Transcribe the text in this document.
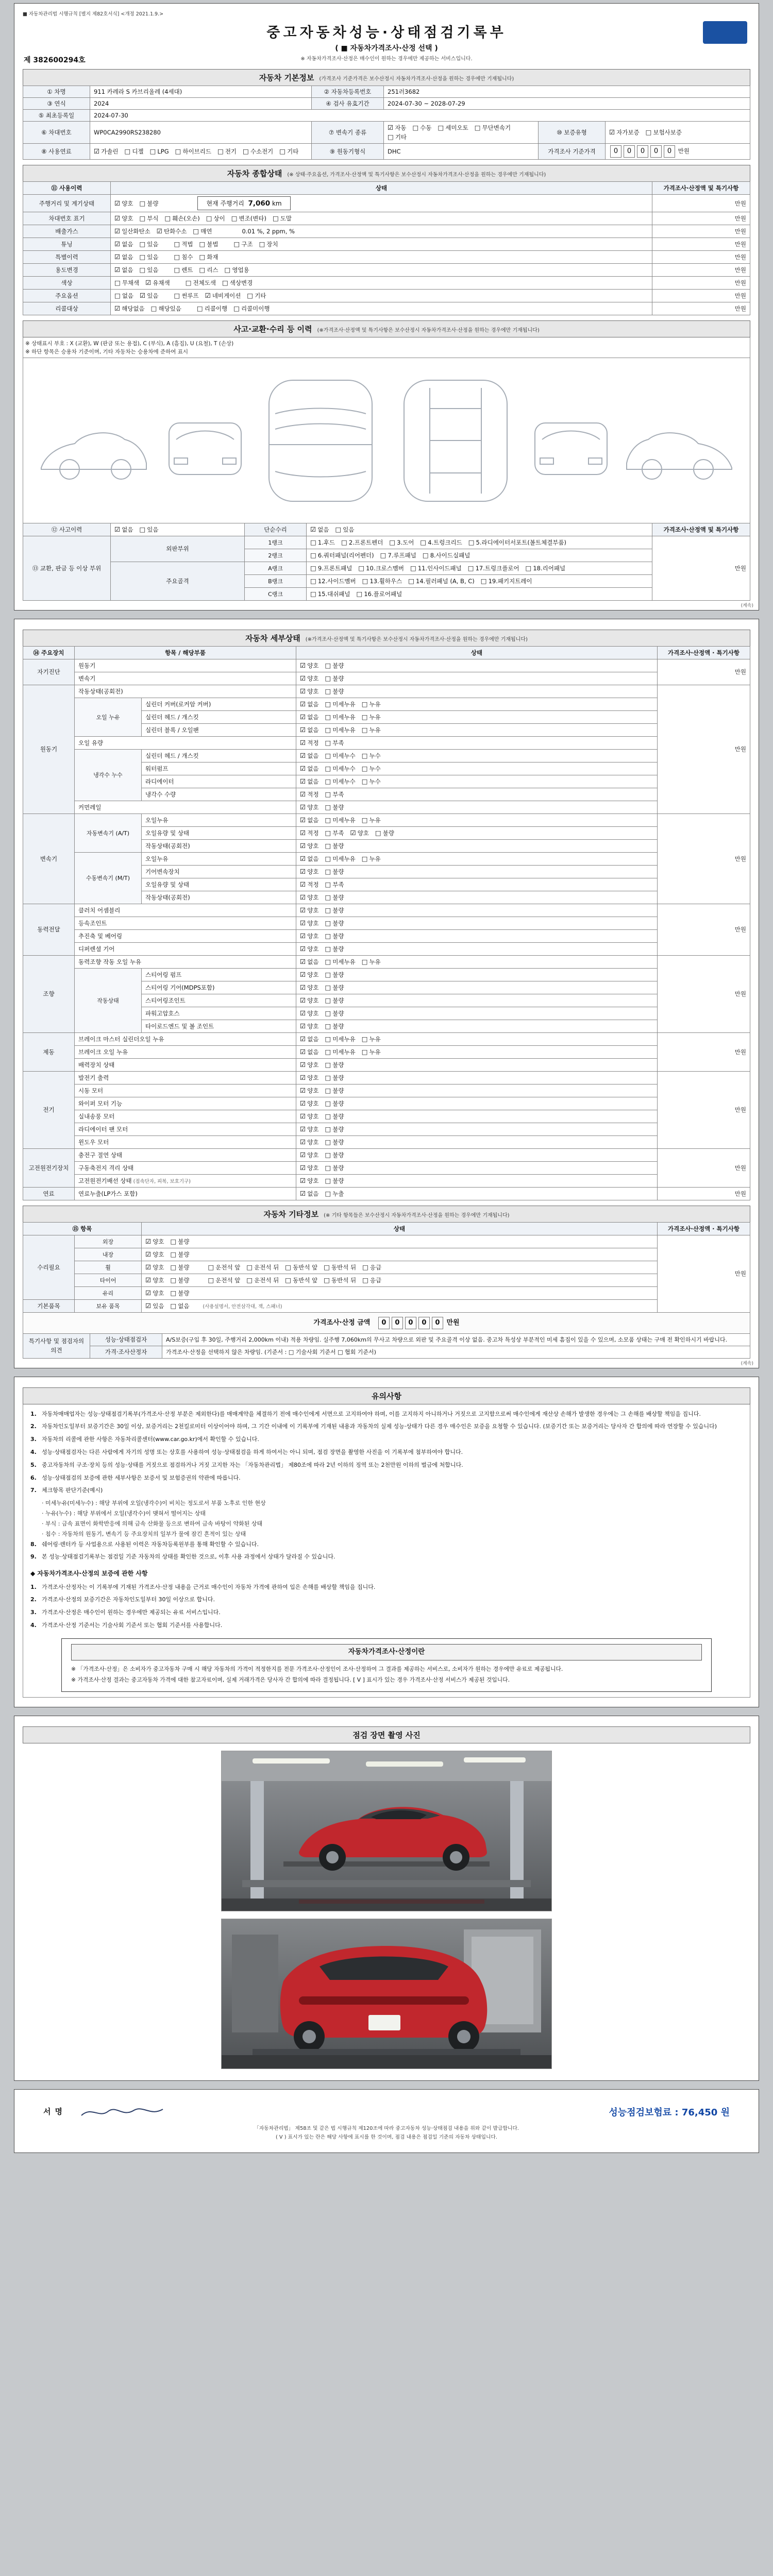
■ 자동차관리법 시행규칙 [별지 제82호서식] <개정 2021.1.9.>
중고자동차성능·상태점검기록부
( ■ 자동차가격조사·산정 선택 )
※ 자동차가격조사·산정은 매수인이 원하는 경우에만 제공하는 서비스입니다.
제 382600294호
자동차 기본정보 (가격조사 기준가격은 보수산정시 자동차가격조사·산정을 원하는 경우에만 기재됩니다)
① 차명	911 카레라 S 카브리올레 (4세대)	② 자동차등록번호	251러3682		
③ 연식	2024	④ 검사 유효기간	2024-07-30 ~ 2028-07-29		
⑤ 최초등록일	2024-07-30				
⑥ 차대번호	WP0CA2990RS238280	⑦ 변속기 종류	☑ 자동 □ 수동 □ 세미오토 □ 무단변속기□ 기타	⑩ 보증유형	☑ 자가보증 □ 보험사보증
⑧ 사용연료	☑ 가솔린 □ 디젤 □ LPG □ 하이브리드 □ 전기 □ 수소전기 □ 기타	⑨ 원동기형식	DHC	가격조사 기준가격	0 0 0 0 0 만원
자동차 종합상태 (※ 상태·주요옵션, 가격조사·산정액 및 특기사항은 보수산정시 자동차가격조사·산정을 원하는 경우에만 기재됩니다)
⑪ 사용이력	상태	가격조사·산정액 및 특기사항
주행거리 및 계기상태	☑ 양호 □ 불량 현재 주행거리  7,060 km	만원
차대번호 표기	☑ 양호 □ 부식 □ 훼손(오손) □ 상이 □ 변조(변타) □ 도말	만원
배출가스	☑ 일산화탄소 ☑ 탄화수소 □ 매연 0.01 %, 2 ppm, %	만원
튜닝	☑ 없음 □ 있음 □ 적법 □ 불법 □ 구조 □ 장치	만원
특별이력	☑ 없음 □ 있음 □ 침수 □ 화재	만원
용도변경	☑ 없음 □ 있음 □ 렌트 □ 리스 □ 영업용	만원
색상	□ 무채색 ☑ 유채색 □ 전체도색 □ 색상변경	만원
주요옵션	□ 없음 ☑ 있음 □ 썬루프 ☑ 네비게이션 □ 기타	만원
리콜대상	☑ 해당없음 □ 해당있음 □ 리콜이행 □ 리콜미이행	만원
사고·교환·수리 등 이력 (※가격조사·산정액 및 특기사항은 보수산정시 자동차가격조사·산정을 원하는 경우에만 기재됩니다)
※ 상태표시 부호 : X (교환), W (판금 또는 용접), C (부식), A (흠집), U (요철), T (손상)
※ 하단 항목은 승용차 기준이며, 기타 자동차는 승용차에 준하여 표시
⑫ 사고이력	☑ 없음 □ 있음	단순수리	☑ 없음 □ 있음	가격조사·산정액 및 특기사항
⑬ 교환, 판금 등 이상 부위	외판부위	1랭크	□ 1.후드 □ 2.프론트펜더 □ 3.도어 □ 4.트렁크리드 □ 5.라디에이터서포트(볼트체결부품)	만원
		2랭크	□ 6.쿼터패널(리어펜더) □ 7.루프패널 □ 8.사이드실패널	
	주요골격	A랭크	□ 9.프론트패널 □ 10.크로스멤버 □ 11.인사이드패널 □ 17.트렁크플로어 □ 18.리어패널	
		B랭크	□ 12.사이드멤버 □ 13.휠하우스 □ 14.필러패널 (A, B, C) □ 19.패키지트레이	
		C랭크	□ 15.대쉬패널 □ 16.플로어패널	
(계속)
자동차 세부상태 (※가격조사·산정액 및 특기사항은 보수산정시 자동차가격조사·산정을 원하는 경우에만 기재됩니다)
⑭ 주요장치	항목 / 해당부품		상태	가격조사·산정액 · 특기사항
자기진단	원동기		☑ 양호 □ 불량	만원
	변속기		☑ 양호 □ 불량	
원동기	작동상태(공회전)		☑ 양호 □ 불량	만원
	오일 누유	실린더 커버(로커암 커버)	☑ 없음 □ 미세누유 □ 누유	
		실린더 헤드 / 개스킷	☑ 없음 □ 미세누유 □ 누유	
		실린더 블록 / 오일팬	☑ 없음 □ 미세누유 □ 누유	
	오일 유량		☑ 적정 □ 부족	
	냉각수 누수	실린더 헤드 / 개스킷	☑ 없음 □ 미세누수 □ 누수	
		워터펌프	☑ 없음 □ 미세누수 □ 누수	
		라디에이터	☑ 없음 □ 미세누수 □ 누수	
		냉각수 수량	☑ 적정 □ 부족	
	커먼레일		☑ 양호 □ 불량	
변속기	자동변속기 (A/T)	오일누유	☑ 없음 □ 미세누유 □ 누유	만원
		오일유량 및 상태	☑ 적정 □ 부족 ☑ 양호 □ 불량	
		작동상태(공회전)	☑ 양호 □ 불량	
	수동변속기 (M/T)	오일누유	☑ 없음 □ 미세누유 □ 누유	
		기어변속장치	☑ 양호 □ 불량	
		오일유량 및 상태	☑ 적정 □ 부족	
		작동상태(공회전)	☑ 양호 □ 불량	
동력전달	클러치 어셈블리		☑ 양호 □ 불량	만원
	등속조인트		☑ 양호 □ 불량	
	추진축 및 베어링		☑ 양호 □ 불량	
	디퍼렌셜 기어		☑ 양호 □ 불량	
조향	동력조향 작동 오일 누유		☑ 없음 □ 미세누유 □ 누유	만원
	작동상태	스티어링 펌프	☑ 양호 □ 불량	
		스티어링 기어(MDPS포함)	☑ 양호 □ 불량	
		스티어링조인트	☑ 양호 □ 불량	
		파워고압호스	☑ 양호 □ 불량	
		타이로드엔드 및 볼 조인트	☑ 양호 □ 불량	
제동	브레이크 마스터 실린더오일 누유		☑ 없음 □ 미세누유 □ 누유	만원
	브레이크 오일 누유		☑ 없음 □ 미세누유 □ 누유	
	배력장치 상태		☑ 양호 □ 불량	
전기	발전기 출력		☑ 양호 □ 불량	만원
	시동 모터		☑ 양호 □ 불량	
	와이퍼 모터 기능		☑ 양호 □ 불량	
	실내송풍 모터		☑ 양호 □ 불량	
	라디에이터 팬 모터		☑ 양호 □ 불량	
	윈도우 모터		☑ 양호 □ 불량	
고전원전기장치	충전구 절연 상태		☑ 양호 □ 불량	만원
	구동축전지 격리 상태		☑ 양호 □ 불량	
	고전원전기배선 상태 (접속단자, 피복, 보호기구)		☑ 양호 □ 불량	
연료	연료누출(LP가스 포함)		☑ 없음 □ 누출	만원
자동차 기타정보 (※ 기타 항목들은 보수산정시 자동차가격조사·산정을 원하는 경우에만 기재됩니다)
⑮ 항목		상태	가격조사·산정액 · 특기사항
수리필요	외장	☑ 양호 □ 불량	만원
	내장	☑ 양호 □ 불량	
	휠	☑ 양호 □ 불량 □ 운전석 앞 □ 운전석 뒤 □ 동반석 앞 □ 동반석 뒤 □ 응급	
	타이어	☑ 양호 □ 불량 □ 운전석 앞 □ 운전석 뒤 □ 동반석 앞 □ 동반석 뒤 □ 응급	
	유리	☑ 양호 □ 불량	
기본품목	보유 품목	☑ 있음 □ 없음 (사용설명서, 안전삼각대, 잭, 스패너)	
가격조사·산정 금액 0 0 0 0 0 만원
특기사항 및 점검자의 의견	성능·상태점검자	A/S보증(구입 후 30일, 주행거리 2,000km 이내) 적용 차량임. 실주행 7,060km의 무사고 차량으로 외판 및 주요골격 이상 없음. 중고차 특성상 부분적인 미세 흠집이 있을 수 있으며, 소모품 상태는 구매 전 확인하시기 바랍니다.
	가격·조사산정자	가격조사·산정을 선택하지 않은 차량임. (기준서 : □ 기술사회 기준서 □ 협회 기준서)
(계속)
유의사항
1. 자동차매매업자는 성능·상태점검기록부(가격조사·산정 부분은 제외한다)를 매매계약을 체결하기 전에 매수인에게 서면으로 고지하여야 하며, 이를 고지하지 아니하거나 거짓으로 고지함으로써 매수인에게 재산상 손해가 발생한 경우에는 그 손해를 배상할 책임을 집니다.
2. 자동차인도일부터 보증기간은 30일 이상, 보증거리는 2천킬로미터 이상이어야 하며, 그 기간 이내에 이 기록부에 기재된 내용과 자동차의 실제 성능·상태가 다른 경우 매수인은 보증을 요청할 수 있습니다. (보증기간 또는 보증거리는 당사자 간 합의에 따라 연장할 수 있습니다)
3. 자동차의 리콜에 관한 사항은 자동차리콜센터(www.car.go.kr)에서 확인할 수 있습니다.
4. 성능·상태점검자는 다른 사람에게 자기의 성명 또는 상호를 사용하여 성능·상태점검을 하게 하여서는 아니 되며, 점검 장면을 촬영한 사진을 이 기록부에 첨부하여야 합니다.
5. 중고자동차의 구조·장치 등의 성능·상태를 거짓으로 점검하거나 거짓 고지한 자는 「자동차관리법」 제80조에 따라 2년 이하의 징역 또는 2천만원 이하의 벌금에 처합니다.
6. 성능·상태점검의 보증에 관한 세부사항은 보증서 및 보험증권의 약관에 따릅니다.
7. 체크항목 판단기준(예시)
· 미세누유(미세누수) : 해당 부위에 오일(냉각수)이 비치는 정도로서 부품 노후로 인한 현상
· 누유(누수) : 해당 부위에서 오일(냉각수)이 맺혀서 떨어지는 상태
· 부식 : 금속 표면이 화학반응에 의해 금속 산화물 등으로 변하여 금속 바탕이 약화된 상태
· 침수 : 자동차의 원동기, 변속기 등 주요장치의 일부가 물에 잠긴 흔적이 있는 상태
8. 쉐어링·렌터카 등 사업용으로 사용된 이력은 자동차등록원부를 통해 확인할 수 있습니다.
9. 본 성능·상태점검기록부는 점검일 기준 자동차의 상태를 확인한 것으로, 이후 사용 과정에서 상태가 달라질 수 있습니다.
◆ 자동차가격조사·산정의 보증에 관한 사항
1. 가격조사·산정자는 이 기록부에 기재된 가격조사·산정 내용을 근거로 매수인이 자동차 가격에 관하여 입은 손해를 배상할 책임을 집니다.
2. 가격조사·산정의 보증기간은 자동차인도일부터 30일 이상으로 합니다.
3. 가격조사·산정은 매수인이 원하는 경우에만 제공되는 유료 서비스입니다.
4. 가격조사·산정 기준서는 기술사회 기준서 또는 협회 기준서를 사용합니다.
자동차가격조사·산정이란

※ 「가격조사·산정」은 소비자가 중고자동차 구매 시 해당 자동차의 가격이 적정한지를 전문 가격조사·산정인이 조사·산정하여 그 결과를 제공하는 서비스로, 소비자가 원하는 경우에만 유료로 제공됩니다.

※ 가격조사·산정 결과는 중고자동차 가격에 대한 참고자료이며, 실제 거래가격은 당사자 간 합의에 따라 결정됩니다. [ Ⅴ ] 표시가 있는 경우 가격조사·산정 서비스가 제공된 것입니다.

점검 장면 촬영 사진
서명	성능점검보험료 : 76,450 원
「자동차관리법」 제58조 및 같은 법 시행규칙 제120조에 따라 중고자동차 성능·상태점검 내용을 위와 같이 발급합니다.
( Ⅴ ) 표시가 있는 란은 해당 사항에 표시를 한 것이며, 점검 내용은 점검일 기준의 자동차 상태입니다.
